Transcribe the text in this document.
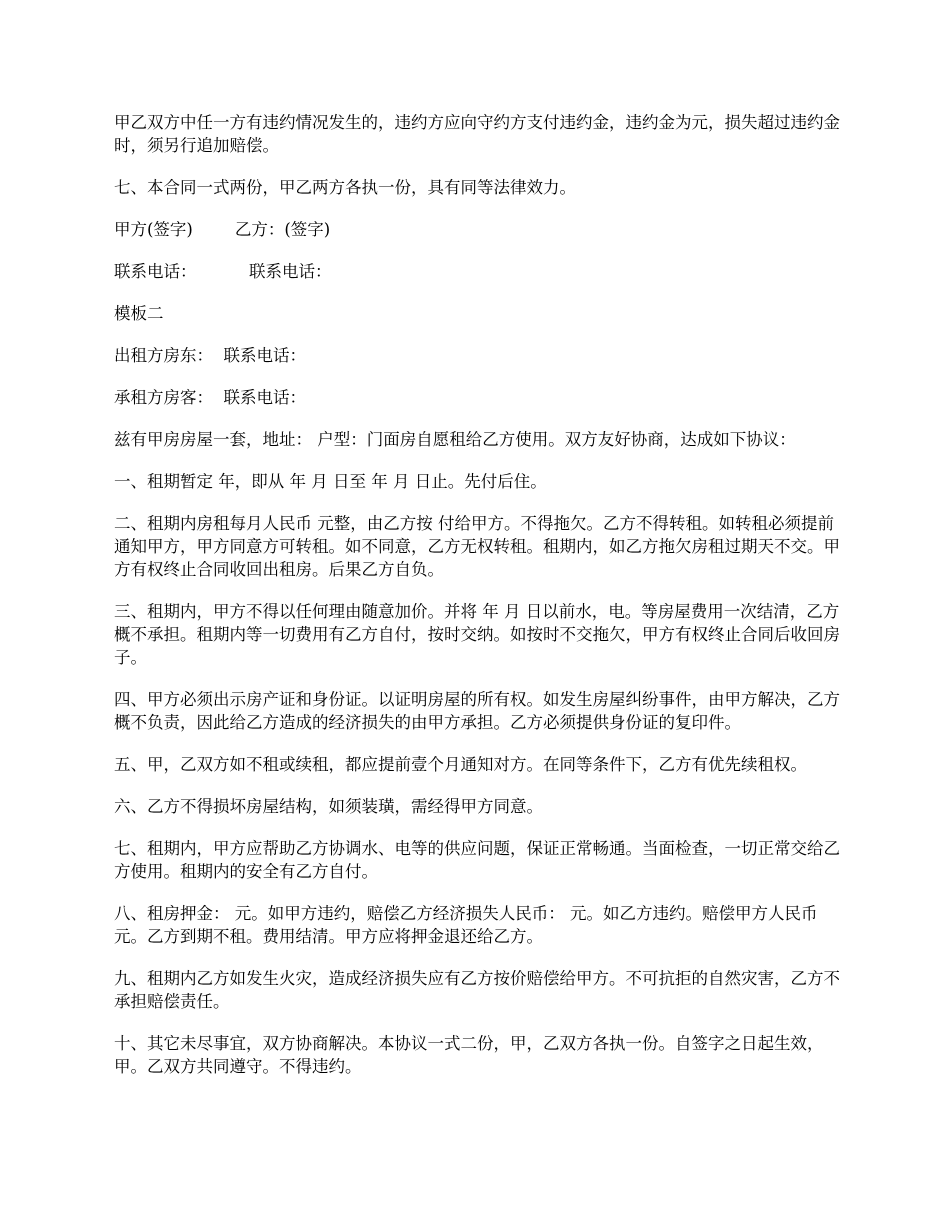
甲乙双方中任一方有违约情况发生的，违约方应向守约方支付违约金，违约金为元，损失超过违约金时，须另行追加赔偿。

七、本合同一式两份，甲乙两方各执一份，具有同等法律效力。

甲方(签字)        乙方：(签字)

联系电话：          联系电话：

模板二

出租方房东：  联系电话：

承租方房客：  联系电话：

兹有甲房房屋一套，地址： 户型：门面房自愿租给乙方使用。双方友好协商，达成如下协议：

一、租期暂定 年，即从 年 月 日至 年 月 日止。先付后住。

二、租期内房租每月人民币 元整，由乙方按 付给甲方。不得拖欠。乙方不得转租。如转租必须提前通知甲方，甲方同意方可转租。如不同意，乙方无权转租。租期内，如乙方拖欠房租过期天不交。甲方有权终止合同收回出租房。后果乙方自负。

三、租期内，甲方不得以任何理由随意加价。并将 年 月 日以前水，电。等房屋费用一次结清，乙方概不承担。租期内等一切费用有乙方自付，按时交纳。如按时不交拖欠，甲方有权终止合同后收回房子。

四、甲方必须出示房产证和身份证。以证明房屋的所有权。如发生房屋纠纷事件，由甲方解决，乙方概不负责，因此给乙方造成的经济损失的由甲方承担。乙方必须提供身份证的复印件。

五、甲，乙双方如不租或续租，都应提前壹个月通知对方。在同等条件下，乙方有优先续租权。

六、乙方不得损坏房屋结构，如须装璜，需经得甲方同意。

七、租期内，甲方应帮助乙方协调水、电等的供应问题，保证正常畅通。当面检查，一切正常交给乙方使用。租期内的安全有乙方自付。

八、租房押金： 元。如甲方违约，赔偿乙方经济损失人民币： 元。如乙方违约。赔偿甲方人民币 元。乙方到期不租。费用结清。甲方应将押金退还给乙方。

九、租期内乙方如发生火灾，造成经济损失应有乙方按价赔偿给甲方。不可抗拒的自然灾害，乙方不承担赔偿责任。

十、其它未尽事宜，双方协商解决。本协议一式二份，甲，乙双方各执一份。自签字之日起生效，甲。乙双方共同遵守。不得违约。
